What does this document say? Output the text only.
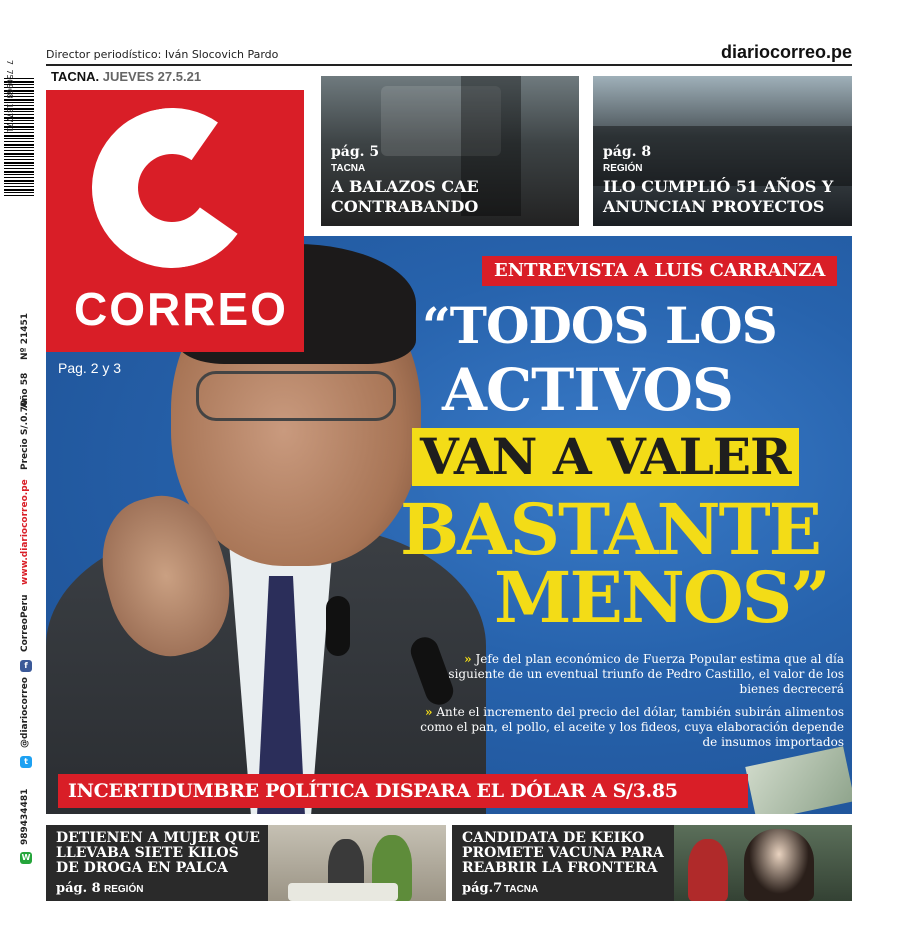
Director periodístico: Iván Slocovich Pardo	diariocorreo.pe
TACNA. JUEVES 27.5.21
7 750968 137771
W
989434481
t
@diariocorreo
f
CorreoPeru
www.diariocorreo.pe
Precio S/.0.70
Año 58
Nº 21451
pág. 5
TACNA
A BALAZOS CAE
CONTRABANDO
pág. 8
REGIÓN
ILO CUMPLIÓ 51 AÑOS Y
ANUNCIAN PROYECTOS
Pag. 2 y 3
ENTREVISTA A LUIS CARRANZA
“TODOS LOS
ACTIVOS
VAN A VALER
BASTANTE
MENOS”

» Jefe del plan económico de Fuerza Popular estima que al día siguiente de un eventual triunfo de Pedro Castillo, el valor de los bienes decrecerá

» Ante el incremento del precio del dólar, también subirán alimentos como el pan, el pollo, el aceite y los fideos, cuya elaboración depende de insumos importados

INCERTIDUMBRE POLÍTICA DISPARA EL DÓLAR A S/3.85
CORREO
DETIENEN A MUJER QUE
LLEVABA SIETE KILOS
DE DROGA EN PALCA
pág. 8 REGIÓN
CANDIDATA DE KEIKO
PROMETE VACUNA PARA
REABRIR LA FRONTERA
pág.7 TACNA
